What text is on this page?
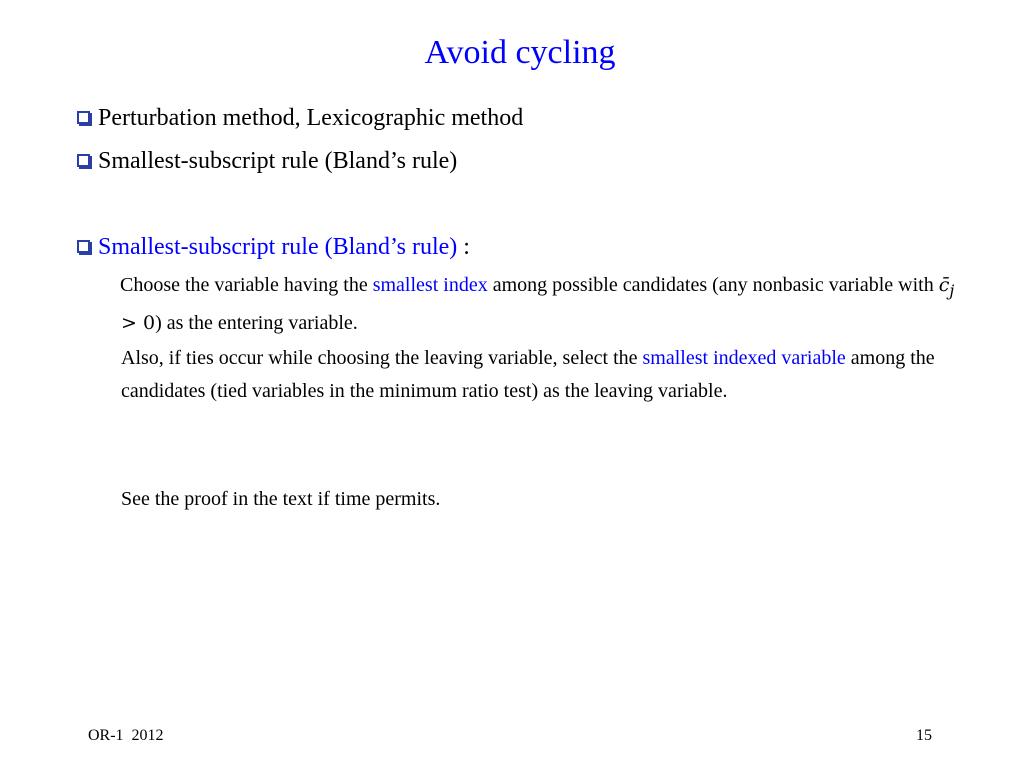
Avoid cycling
Perturbation method, Lexicographic method
Smallest-subscript rule (Bland’s rule)
Smallest-subscript rule (Bland’s rule) :
Choose the variable having the smallest index among possible candidates (any nonbasic variable with $c̄_j > 0$) as the entering variable.
Also, if ties occur while choosing the leaving variable, select the smallest indexed variable among the candidates (tied variables in the minimum ratio test) as the leaving variable.
See the proof in the text if time permits.
OR-1  2012	15
